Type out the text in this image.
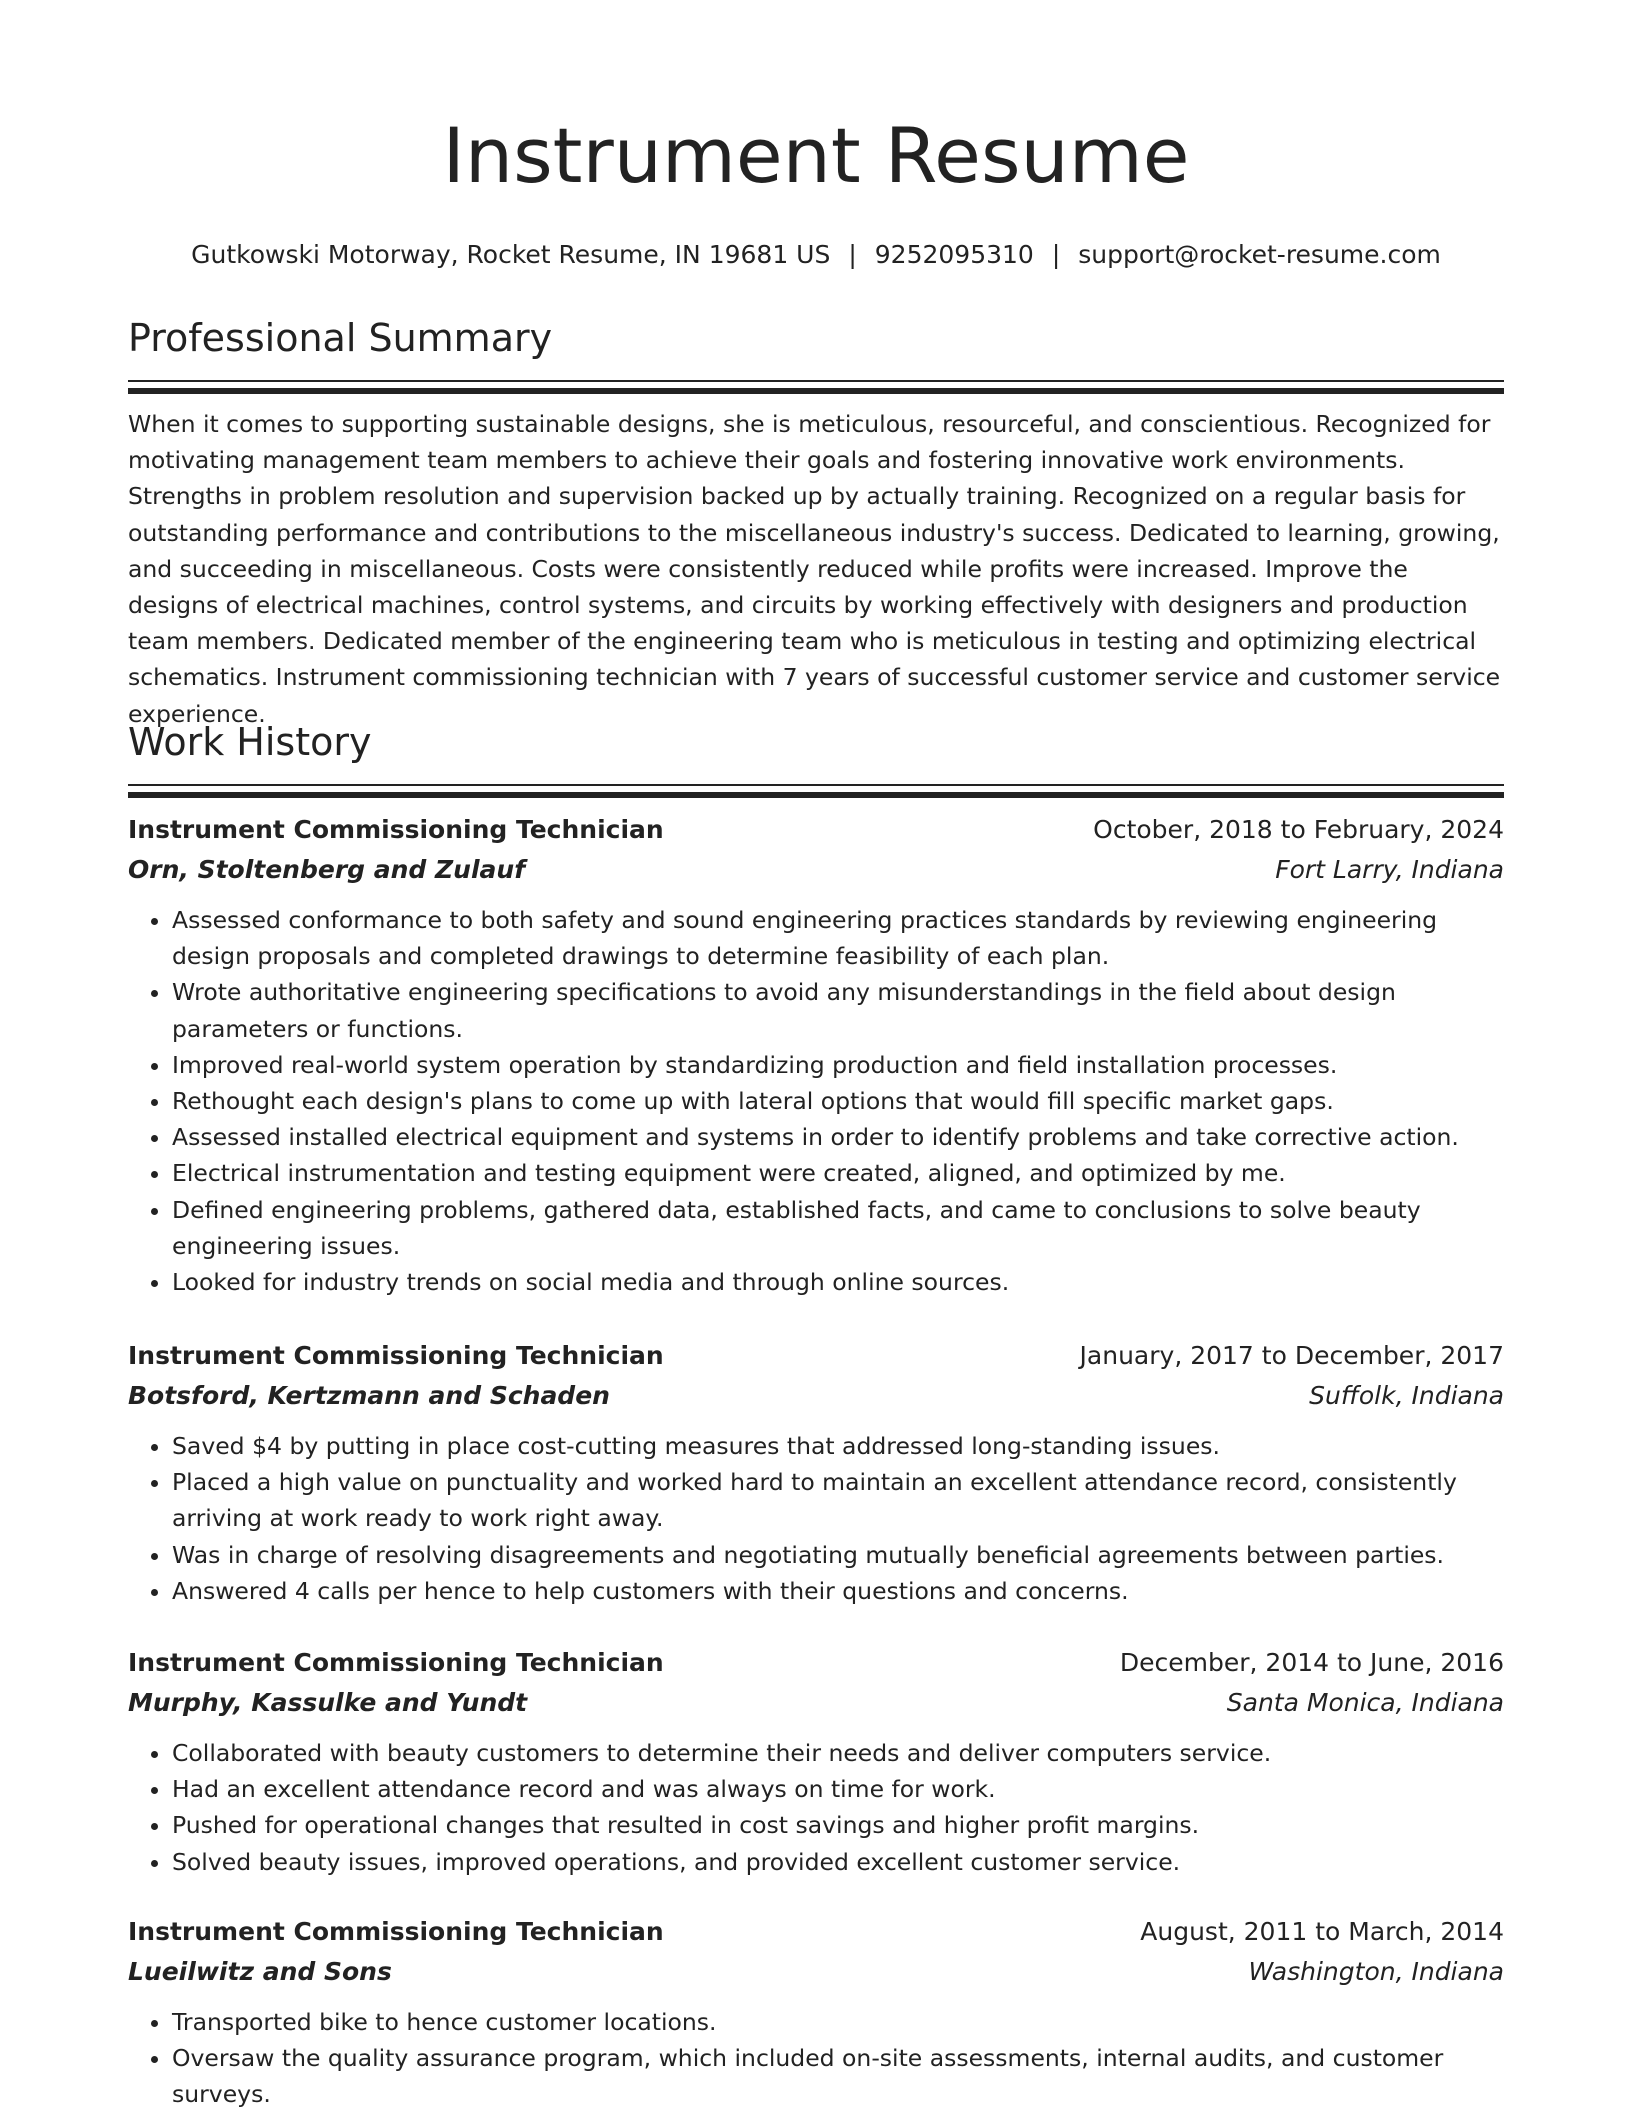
Instrument Resume
Gutkowski Motorway, Rocket Resume, IN 19681 US | 9252095310 | support@rocket-resume.com
Professional Summary
When it comes to supporting sustainable designs, she is meticulous, resourceful, and conscientious. Recognized for motivating management team members to achieve their goals and fostering innovative work environments. Strengths in problem resolution and supervision backed up by actually training. Recognized on a regular basis for outstanding performance and contributions to the miscellaneous industry's success. Dedicated to learning, growing, and succeeding in miscellaneous. Costs were consistently reduced while profits were increased. Improve the designs of electrical machines, control systems, and circuits by working effectively with designers and production team members. Dedicated member of the engineering team who is meticulous in testing and optimizing electrical schematics. Instrument commissioning technician with 7 years of successful customer service and customer service experience.
Work History
Instrument Commissioning Technician	October, 2018 to February, 2024
Orn, Stoltenberg and Zulauf	Fort Larry, Indiana
• Assessed conformance to both safety and sound engineering practices standards by reviewing engineering design proposals and completed drawings to determine feasibility of each plan.
• Wrote authoritative engineering specifications to avoid any misunderstandings in the field about design parameters or functions.
• Improved real-world system operation by standardizing production and field installation processes.
• Rethought each design's plans to come up with lateral options that would fill specific market gaps.
• Assessed installed electrical equipment and systems in order to identify problems and take corrective action.
• Electrical instrumentation and testing equipment were created, aligned, and optimized by me.
• Defined engineering problems, gathered data, established facts, and came to conclusions to solve beauty engineering issues.
• Looked for industry trends on social media and through online sources.
Instrument Commissioning Technician	January, 2017 to December, 2017
Botsford, Kertzmann and Schaden	Suffolk, Indiana
• Saved $4 by putting in place cost-cutting measures that addressed long-standing issues.
• Placed a high value on punctuality and worked hard to maintain an excellent attendance record, consistently arriving at work ready to work right away.
• Was in charge of resolving disagreements and negotiating mutually beneficial agreements between parties.
• Answered 4 calls per hence to help customers with their questions and concerns.
Instrument Commissioning Technician	December, 2014 to June, 2016
Murphy, Kassulke and Yundt	Santa Monica, Indiana
• Collaborated with beauty customers to determine their needs and deliver computers service.
• Had an excellent attendance record and was always on time for work.
• Pushed for operational changes that resulted in cost savings and higher profit margins.
• Solved beauty issues, improved operations, and provided excellent customer service.
Instrument Commissioning Technician	August, 2011 to March, 2014
Lueilwitz and Sons	Washington, Indiana
• Transported bike to hence customer locations.
• Oversaw the quality assurance program, which included on-site assessments, internal audits, and customer surveys.
